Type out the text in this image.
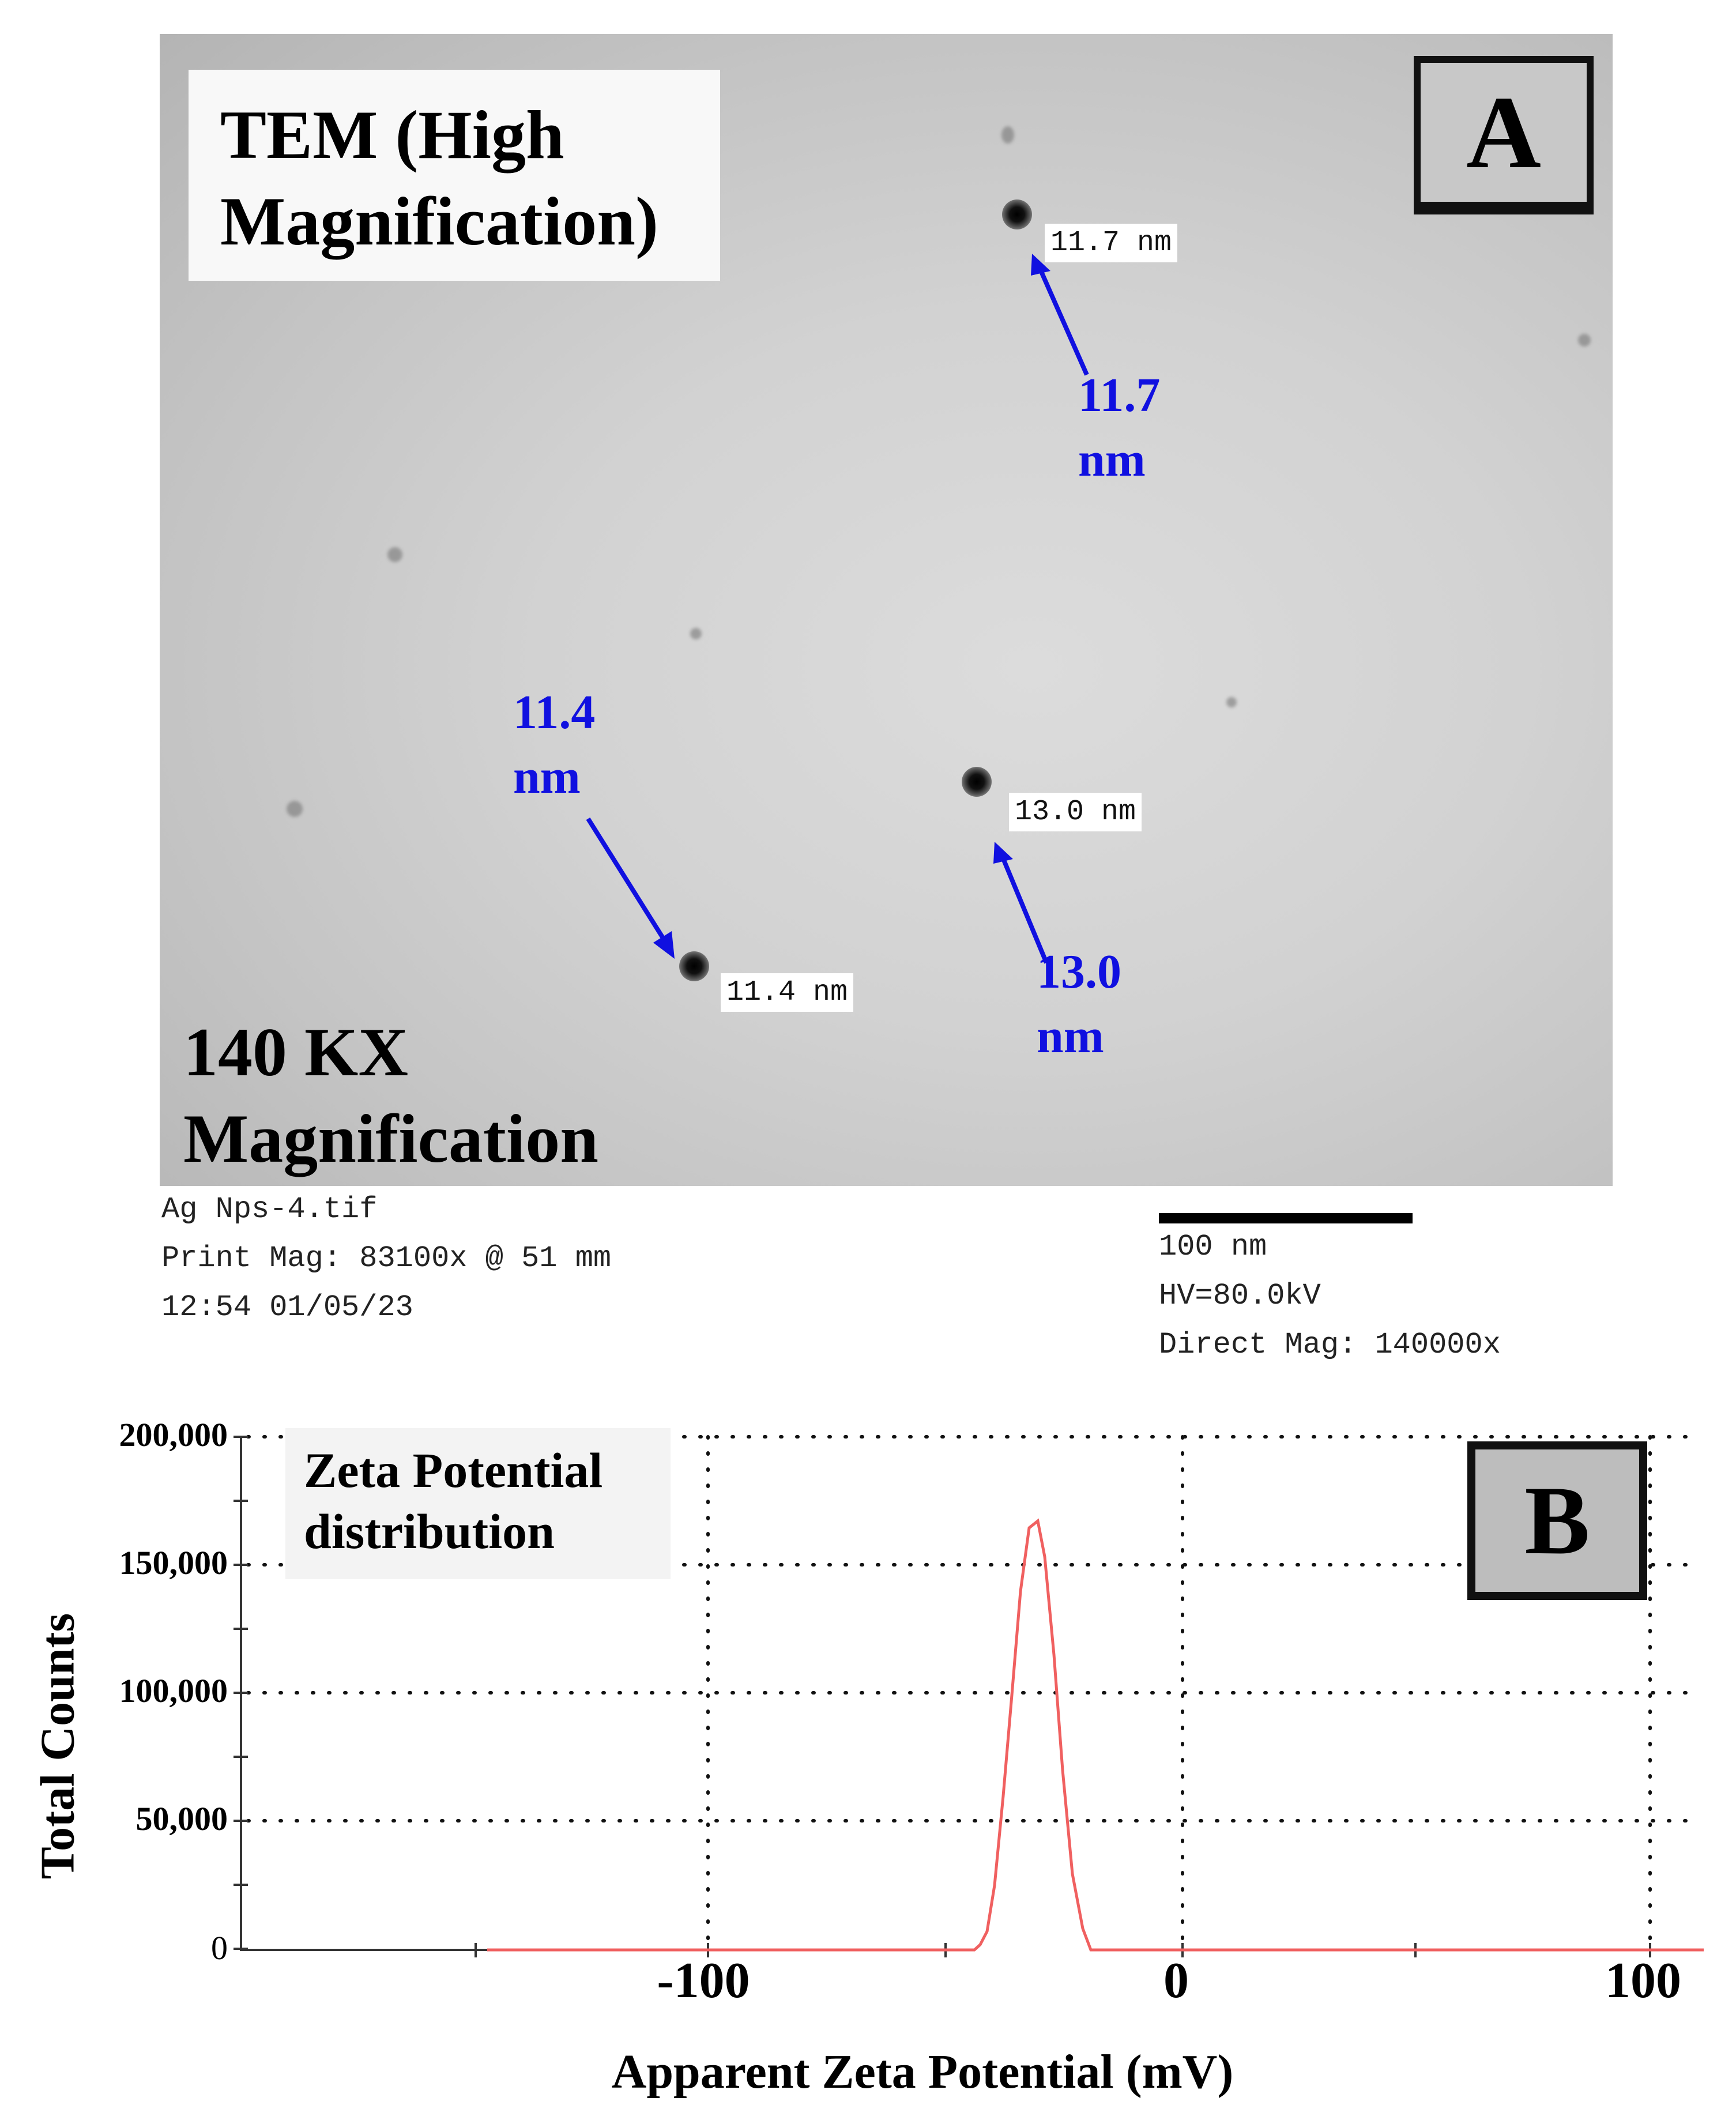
TEM (High
Magnification)
A
11.7 nm
11.7
nm
13.0 nm
13.0
nm
11.4 nm
11.4
nm
140 KX
Magnification
Ag Nps-4.tif
Print Mag: 83100x @ 51 mm
12:54 01/05/23
100 nm
HV=80.0kV
Direct Mag: 140000x
Zeta Potential
distribution	B
200,000
150,000
100,000
50,000
0
-100	0	100
Total Counts
Apparent Zeta Potential (mV)
